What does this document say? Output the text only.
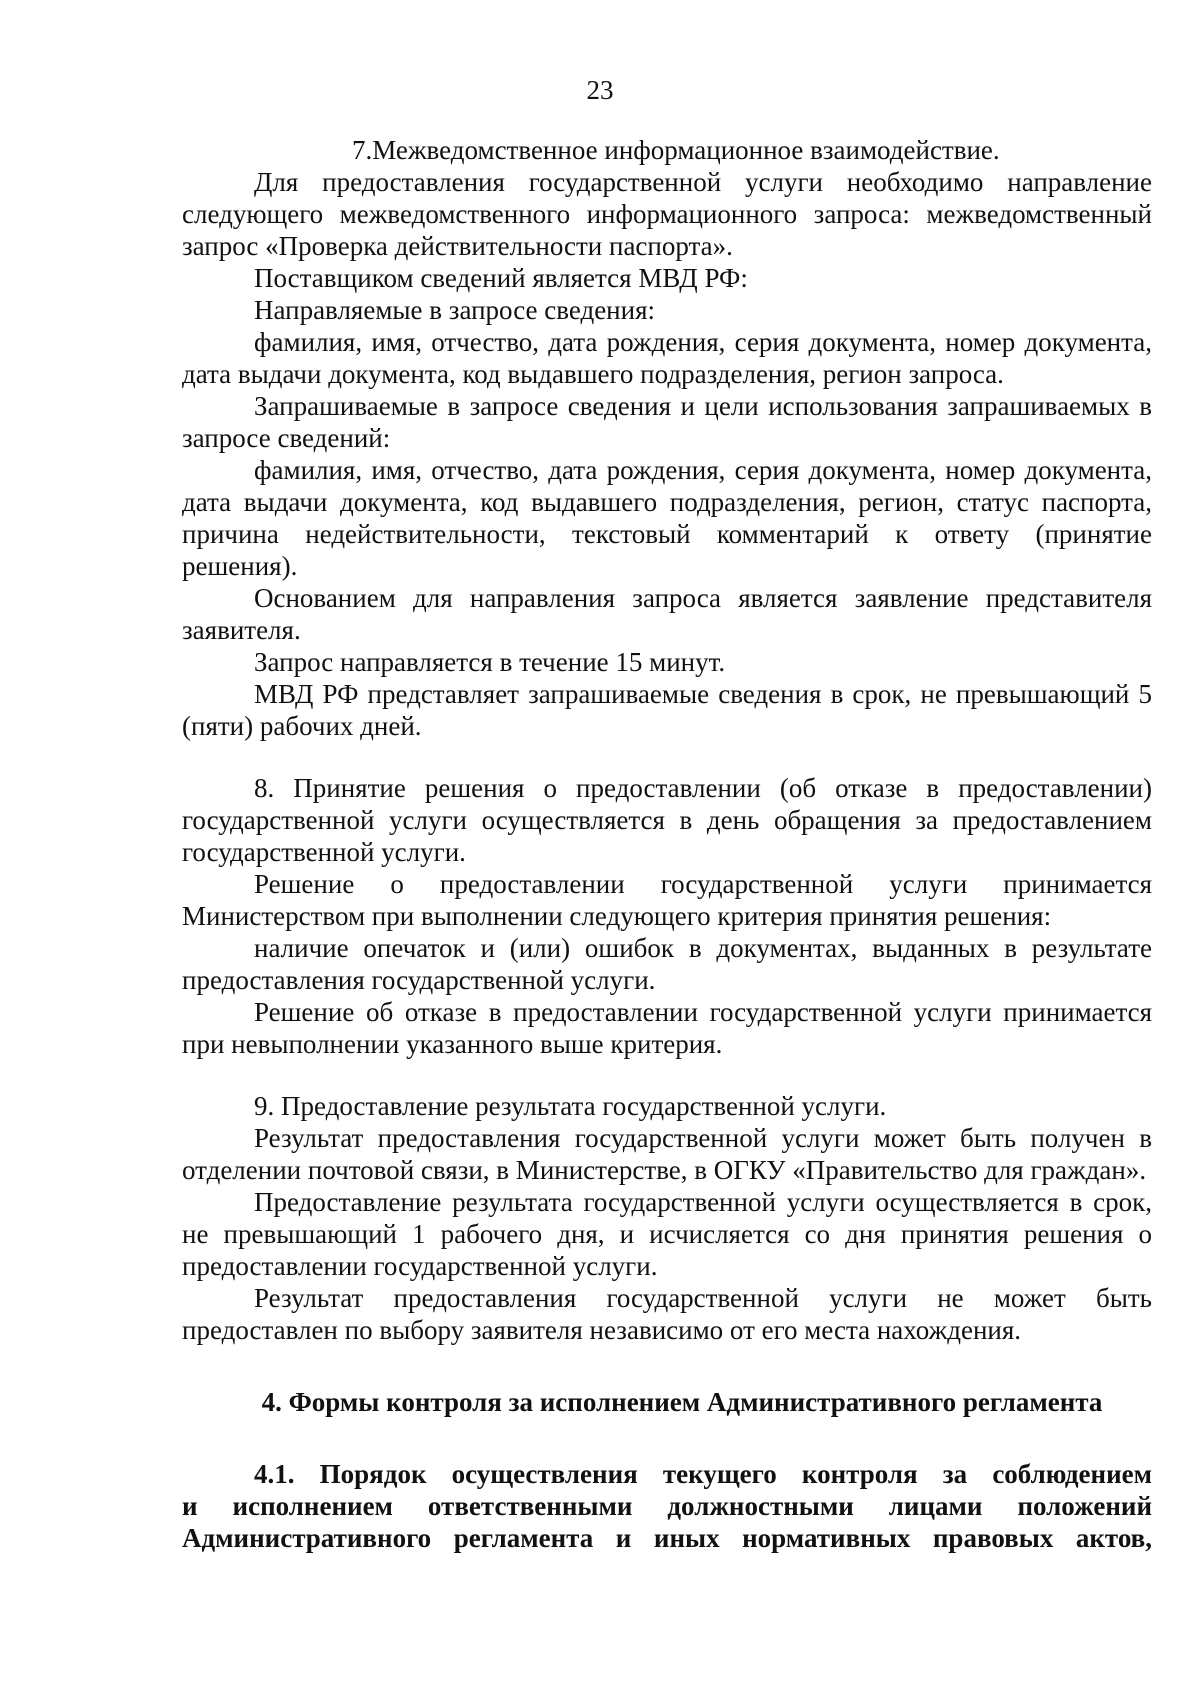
23

7.Межведомственное информационное взаимодействие.

Для предоставления государственной услуги необходимо направление следующего межведомственного информационного запроса: межведомственный запрос «Проверка действительности паспорта».

Поставщиком сведений является МВД РФ:

Направляемые в запросе сведения:

фамилия, имя, отчество, дата рождения, серия документа, номер документа, дата выдачи документа, код выдавшего подразделения, регион запроса.

Запрашиваемые в запросе сведения и цели использования запрашиваемых в запросе сведений:

фамилия, имя, отчество, дата рождения, серия документа, номер документа, дата выдачи документа, код выдавшего подразделения, регион, статус паспорта, причина недействительности, текстовый комментарий к ответу (принятие решения).

Основанием для направления запроса является заявление представителя заявителя.

Запрос направляется в течение 15 минут.

МВД РФ представляет запрашиваемые сведения в срок, не превышающий 5 (пяти) рабочих дней.

8. Принятие решения о предоставлении (об отказе в предоставлении) государственной услуги осуществляется в день обращения за предоставлением государственной услуги.

Решение о предоставлении государственной услуги принимается Министерством при выполнении следующего критерия принятия решения:

наличие опечаток и (или) ошибок в документах, выданных в результате предоставления государственной услуги.

Решение об отказе в предоставлении государственной услуги принимается при невыполнении указанного выше критерия.

9. Предоставление результата государственной услуги.

Результат предоставления государственной услуги может быть получен в отделении почтовой связи, в Министерстве, в ОГКУ «Правительство для граждан».

Предоставление результата государственной услуги осуществляется в срок, не превышающий 1 рабочего дня, и исчисляется со дня принятия решения о предоставлении государственной услуги.

Результат предоставления государственной услуги не может быть предоставлен по выбору заявителя независимо от его места нахождения.

4. Формы контроля за исполнением Административного регламента

4.1. Порядок осуществления текущего контроля за соблюдением

и исполнением ответственными должностными лицами положений

Административного регламента и иных нормативных правовых актов,
